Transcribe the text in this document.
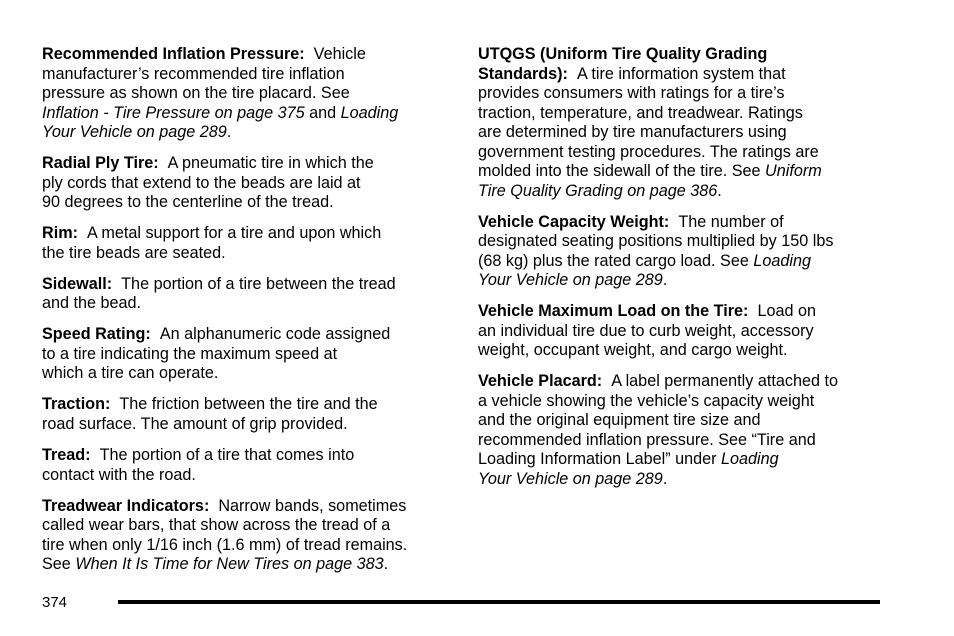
Recommended Inflation Pressure: Vehicle
manufacturer’s recommended tire inflation
pressure as shown on the tire placard. See
Inflation - Tire Pressure on page 375 and Loading
Your Vehicle on page 289.
Radial Ply Tire: A pneumatic tire in which the
ply cords that extend to the beads are laid at
90 degrees to the centerline of the tread.
Rim: A metal support for a tire and upon which
the tire beads are seated.
Sidewall: The portion of a tire between the tread
and the bead.
Speed Rating: An alphanumeric code assigned
to a tire indicating the maximum speed at
which a tire can operate.
Traction: The friction between the tire and the
road surface. The amount of grip provided.
Tread: The portion of a tire that comes into
contact with the road.
Treadwear Indicators: Narrow bands, sometimes
called wear bars, that show across the tread of a
tire when only 1/16 inch (1.6 mm) of tread remains.
See When It Is Time for New Tires on page 383.
UTQGS (Uniform Tire Quality Grading
Standards): A tire information system that
provides consumers with ratings for a tire’s
traction, temperature, and treadwear. Ratings
are determined by tire manufacturers using
government testing procedures. The ratings are
molded into the sidewall of the tire. See Uniform
Tire Quality Grading on page 386.
Vehicle Capacity Weight: The number of
designated seating positions multiplied by 150 lbs
(68 kg) plus the rated cargo load. See Loading
Your Vehicle on page 289.
Vehicle Maximum Load on the Tire: Load on
an individual tire due to curb weight, accessory
weight, occupant weight, and cargo weight.
Vehicle Placard: A label permanently attached to
a vehicle showing the vehicle’s capacity weight
and the original equipment tire size and
recommended inflation pressure. See “Tire and
Loading Information Label” under Loading
Your Vehicle on page 289.
374
